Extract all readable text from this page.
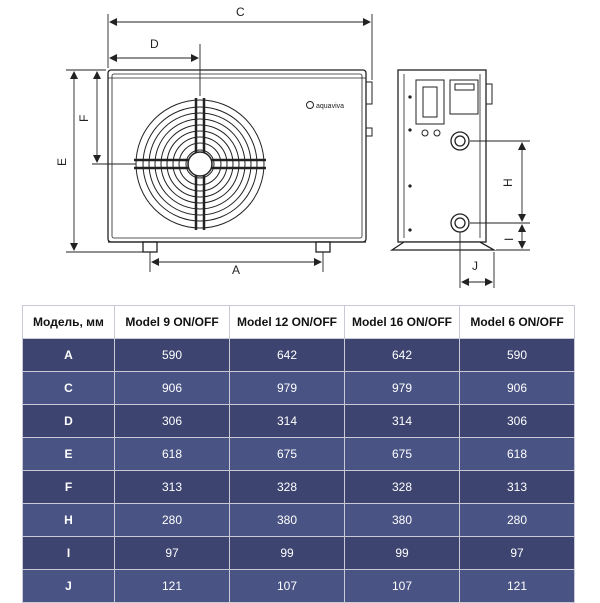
aquaviva
C
D
E
F
A
H
I
J
Модель, мм	Model 9 ON/OFF	Model 12 ON/OFF	Model 16 ON/OFF	Model 6 ON/OFF
A	590	642	642	590
C	906	979	979	906
D	306	314	314	306
E	618	675	675	618
F	313	328	328	313
H	280	380	380	280
I	97	99	99	97
J	121	107	107	121
